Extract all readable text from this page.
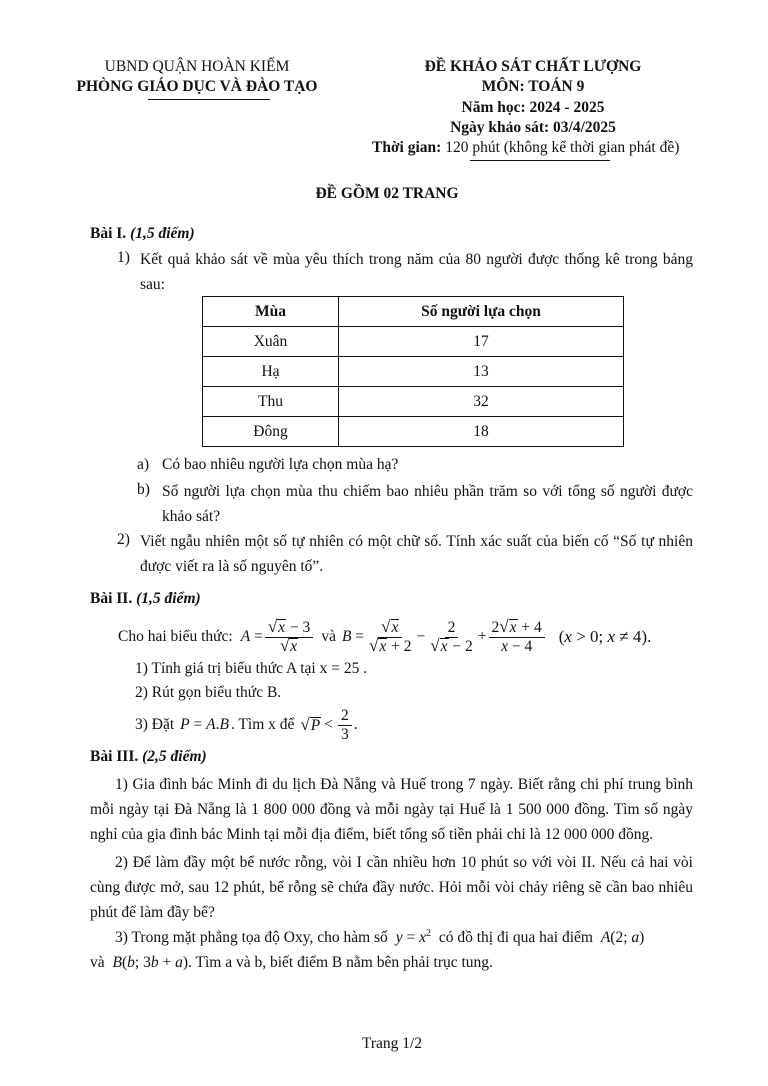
UBND QUẬN HOÀN KIẾM
PHÒNG GIÁO DỤC VÀ ĐÀO TẠO
ĐỀ KHẢO SÁT CHẤT LƯỢNG
MÔN: TOÁN 9
Năm học: 2024 - 2025
Ngày khảo sát: 03/4/2025
Thời gian: 120 phút (không kể thời gian phát đề)
ĐỀ GỒM 02 TRANG
Bài I. (1,5 điểm)
1) Kết quả khảo sát về mùa yêu thích trong năm của 80 người được thống kê trong bảng sau:
Mùa	Số người lựa chọn
Xuân	17
Hạ	13
Thu	32
Đông	18
a) Có bao nhiêu người lựa chọn mùa hạ?
b) Số người lựa chọn mùa thu chiếm bao nhiêu phần trăm so với tổng số người được khảo sát?
2) Viết ngẫu nhiên một số tự nhiên có một chữ số. Tính xác suất của biến cố “Số tự nhiên được viết ra là số nguyên tố”.
Bài II. (1,5 điểm)
Cho hai biểu thức: $A = \frac{√ x - 3}{√ x}$ và $B = \frac{√ x}{√ x + 2} - \frac{2}{√ x - 2} + \frac{2 √ x + 4}{x - 4} (x > 0$; x ≠ 4).
1) Tính giá trị biểu thức A tại x = 25 .
2) Rút gọn biểu thức B.
3) Đặt P = A.B . Tìm x để √ $P < \frac{2}{3}$ .
Bài III. (2,5 điểm)
1) Gia đình bác Minh đi du lịch Đà Nẵng và Huế trong 7 ngày. Biết rằng chi phí trung bình mỗi ngày tại Đà Nẵng là 1 800 000 đồng và mỗi ngày tại Huế là 1 500 000 đồng. Tìm số ngày nghỉ của gia đình bác Minh tại mỗi địa điểm, biết tổng số tiền phải chi là 12 000 000 đồng.
2) Để làm đầy một bể nước rỗng, vòi I cần nhiều hơn 10 phút so với vòi II. Nếu cả hai vòi cùng được mở, sau 12 phút, bể rỗng sẽ chứa đầy nước. Hỏi mỗi vòi chảy riêng sẽ cần bao nhiêu phút để làm đầy bể?
3) Trong mặt phẳng tọa độ Oxy, cho hàm số $y = x^2$ có đồ thị đi qua hai điểm A(2; a)
và B(b; 3b + a). Tìm a và b, biết điểm B nằm bên phải trục tung.
Trang 1/2
